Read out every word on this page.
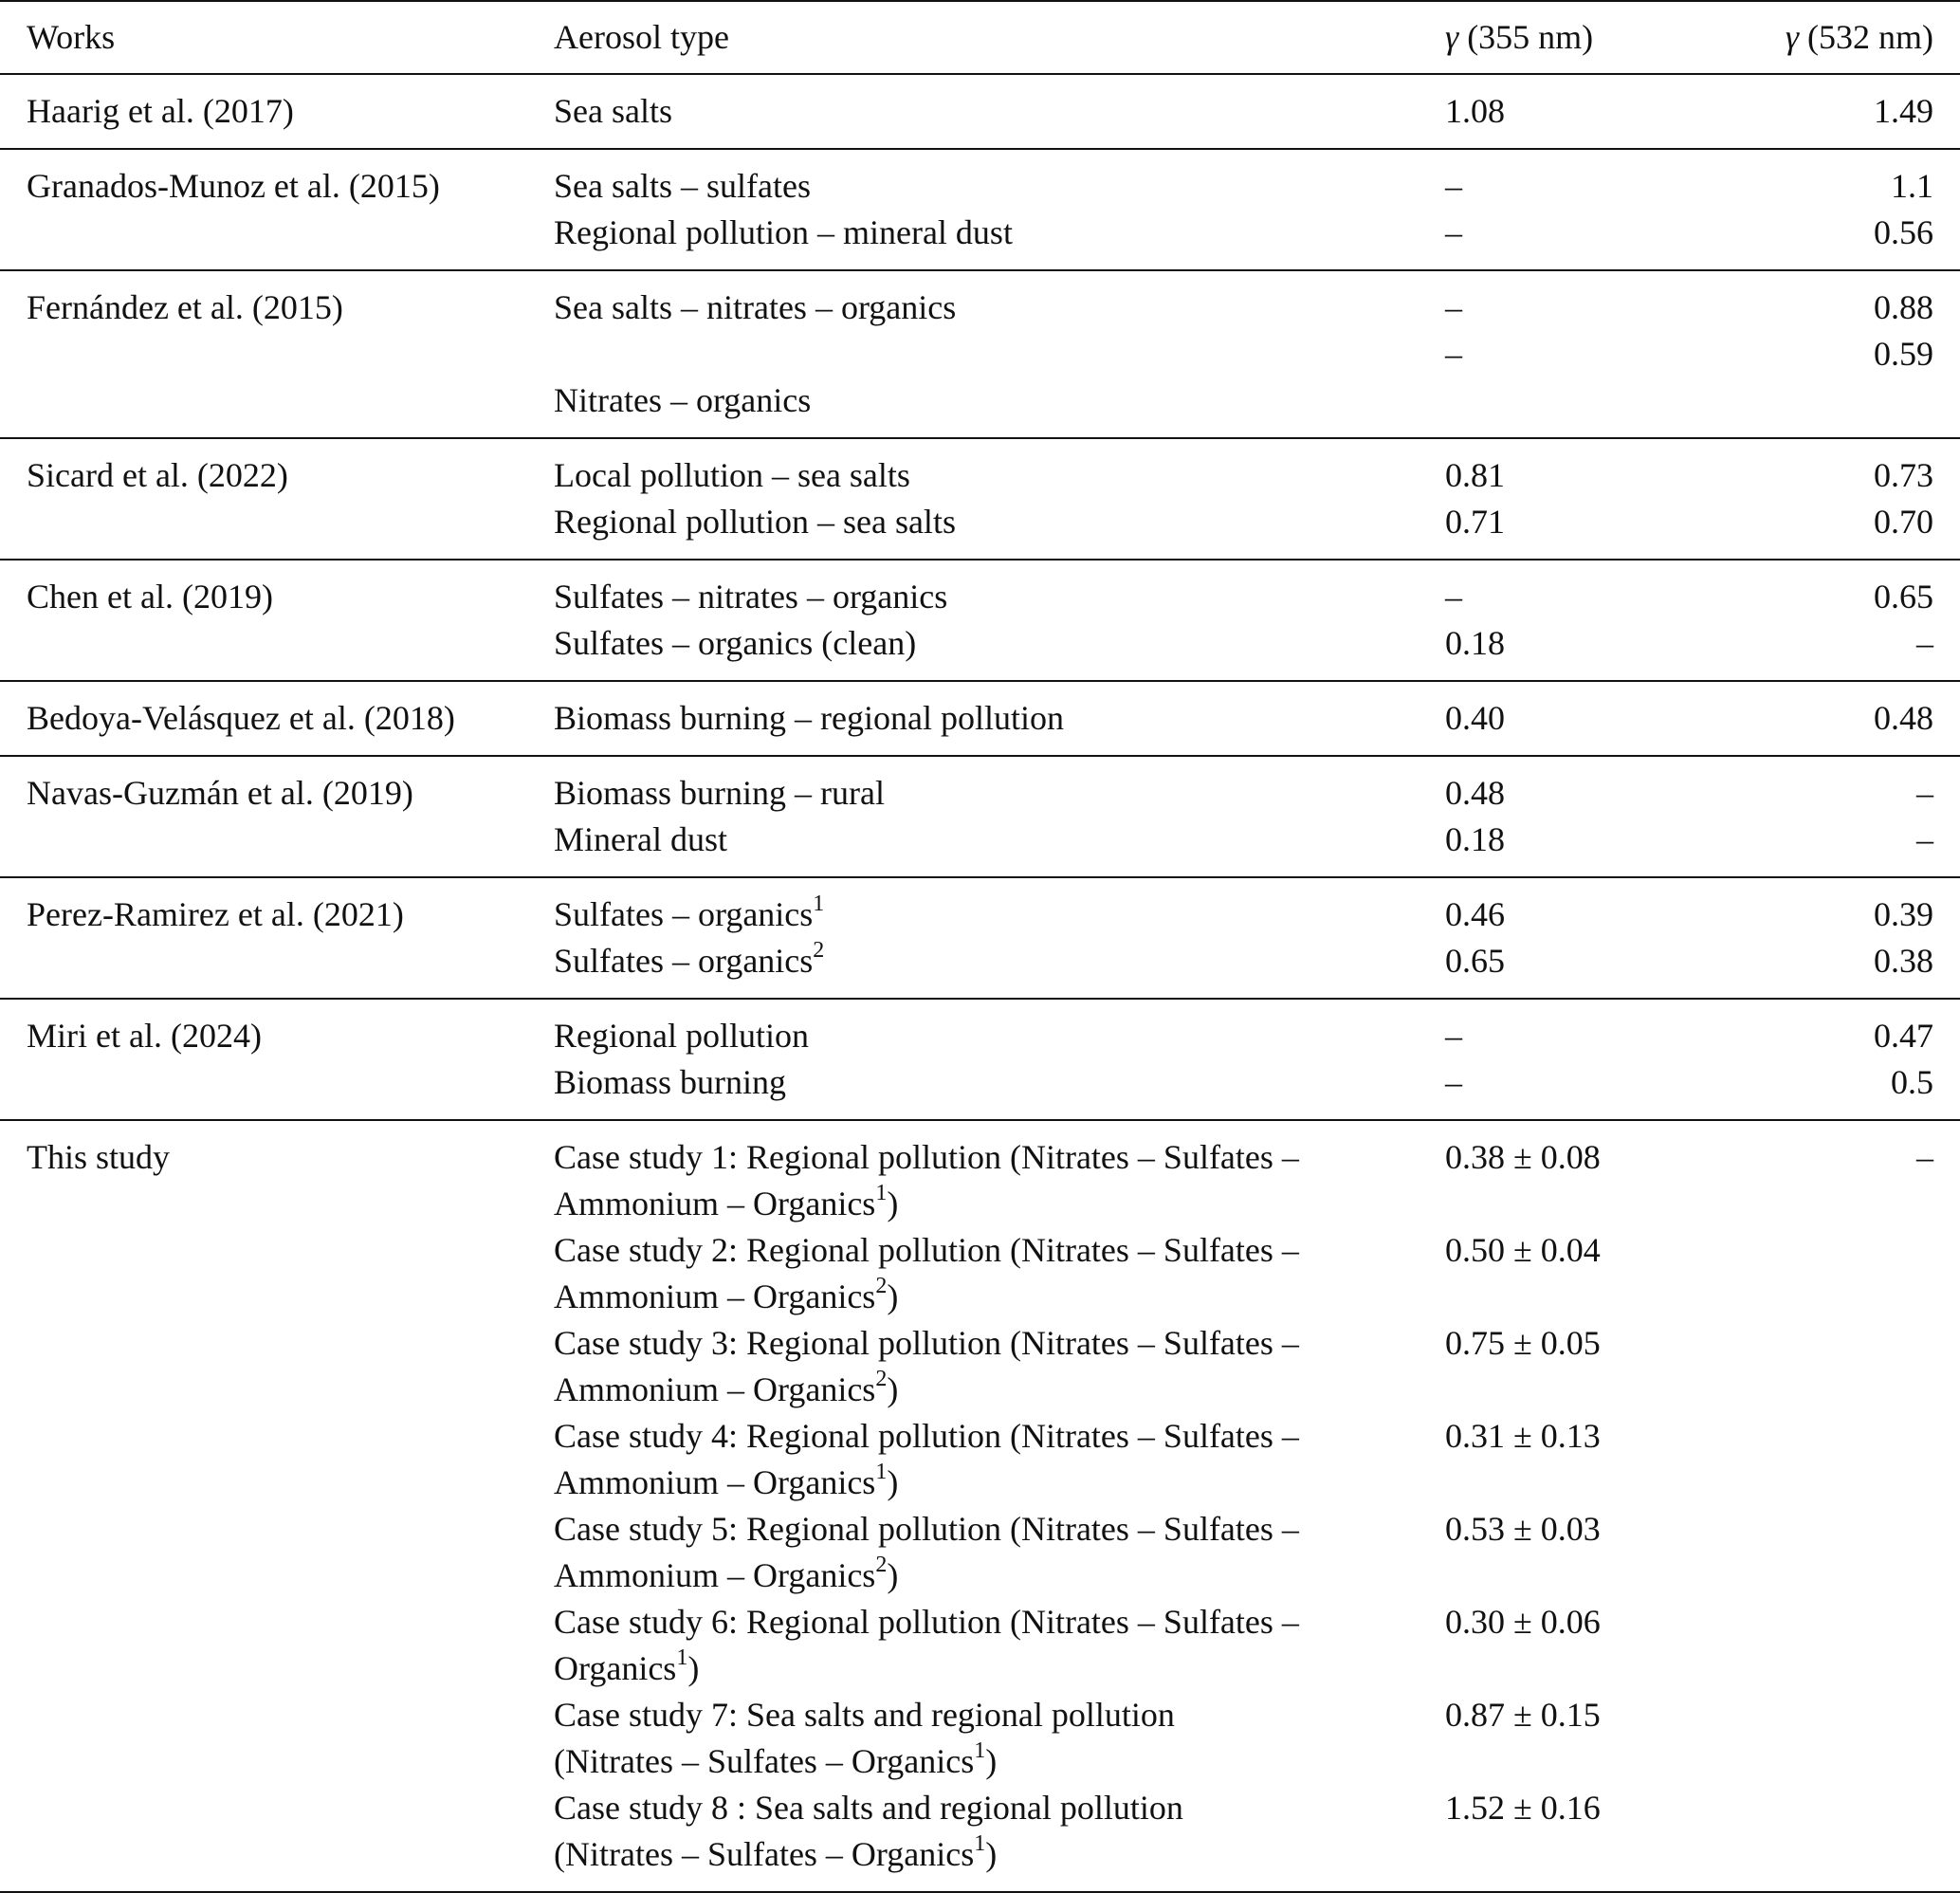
Works	Aerosol type	γ (355 nm)	γ (532 nm)
Haarig et al. (2017)	Sea salts	1.08	1.49
Granados-Munoz et al. (2015)	Sea salts – sulfates	–	1.1
	Regional pollution – mineral dust	–	0.56
Fernández et al. (2015)	Sea salts – nitrates – organics	–	0.88
		–	0.59
	Nitrates – organics		
Sicard et al. (2022)	Local pollution – sea salts	0.81	0.73
	Regional pollution – sea salts	0.71	0.70
Chen et al. (2019)	Sulfates – nitrates – organics	–	0.65
	Sulfates – organics (clean)	0.18	–
Bedoya-Velásquez et al. (2018)	Biomass burning – regional pollution	0.40	0.48
Navas-Guzmán et al. (2019)	Biomass burning – rural	0.48	–
	Mineral dust	0.18	–
Perez-Ramirez et al. (2021)	Sulfates – organics$^1$	0.46	0.39
	Sulfates – organics$^2$	0.65	0.38
Miri et al. (2024)	Regional pollution	–	0.47
	Biomass burning	–	0.5
This study	Case study 1: Regional pollution (Nitrates – Sulfates –
Ammonium – Organics$^1$)	0.38 ± 0.08	–

	Case study 2: Regional pollution (Nitrates – Sulfates –
Ammonium – Organics$^2$)	0.50 ± 0.04	

	Case study 3: Regional pollution (Nitrates – Sulfates –
Ammonium – Organics$^2$)	0.75 ± 0.05	

	Case study 4: Regional pollution (Nitrates – Sulfates –
Ammonium – Organics$^1$)	0.31 ± 0.13	

	Case study 5: Regional pollution (Nitrates – Sulfates –
Ammonium – Organics$^2$)	0.53 ± 0.03	

	Case study 6: Regional pollution (Nitrates – Sulfates –
Organics$^1$)	0.30 ± 0.06	

	Case study 7: Sea salts and regional pollution
(Nitrates – Sulfates – Organics$^1$)	0.87 ± 0.15	

	Case study 8 : Sea salts and regional pollution
(Nitrates – Sulfates – Organics$^1$)	1.52 ± 0.16	
